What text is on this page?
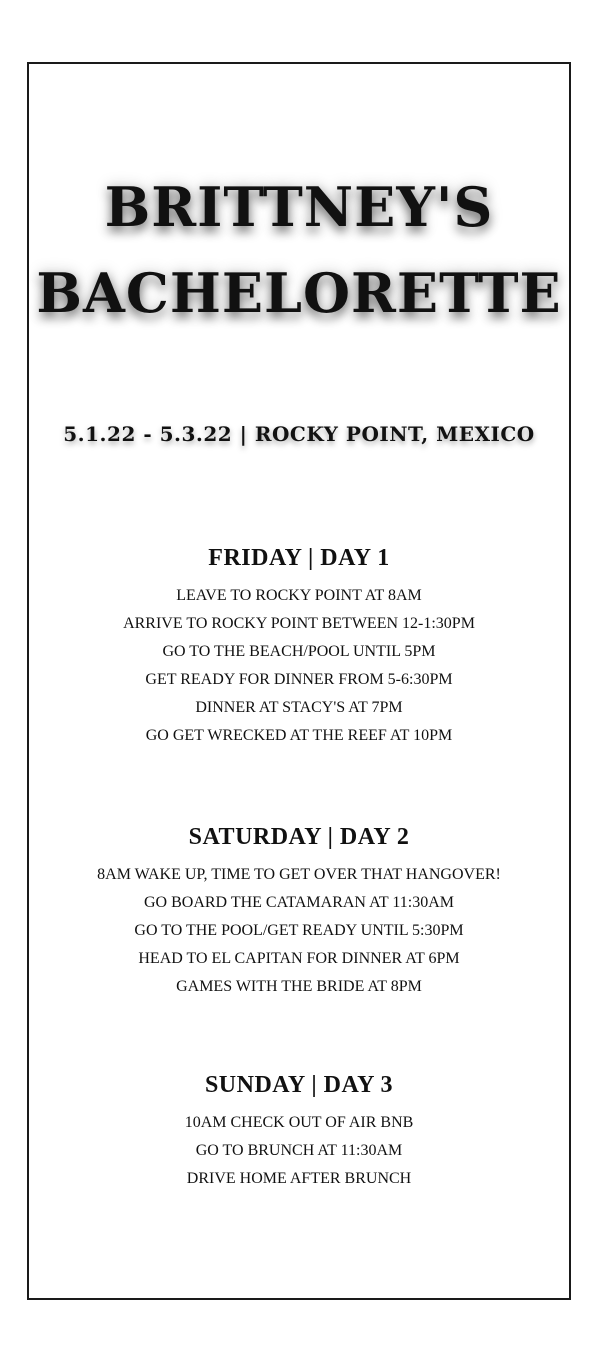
BRITTNEY'S
BACHELORETTE
5.1.22 - 5.3.22 | ROCKY POINT, MEXICO
FRIDAY | DAY 1
LEAVE TO ROCKY POINT AT 8AM
ARRIVE TO ROCKY POINT BETWEEN 12-1:30PM
GO TO THE BEACH/POOL UNTIL 5PM
GET READY FOR DINNER FROM 5-6:30PM
DINNER AT STACY'S AT 7PM
GO GET WRECKED AT THE REEF AT 10PM
SATURDAY | DAY 2
8AM WAKE UP, TIME TO GET OVER THAT HANGOVER!
GO BOARD THE CATAMARAN AT 11:30AM
GO TO THE POOL/GET READY UNTIL 5:30PM
HEAD TO EL CAPITAN FOR DINNER AT 6PM
GAMES WITH THE BRIDE AT 8PM
SUNDAY | DAY 3
10AM CHECK OUT OF AIR BNB
GO TO BRUNCH AT 11:30AM
DRIVE HOME AFTER BRUNCH
